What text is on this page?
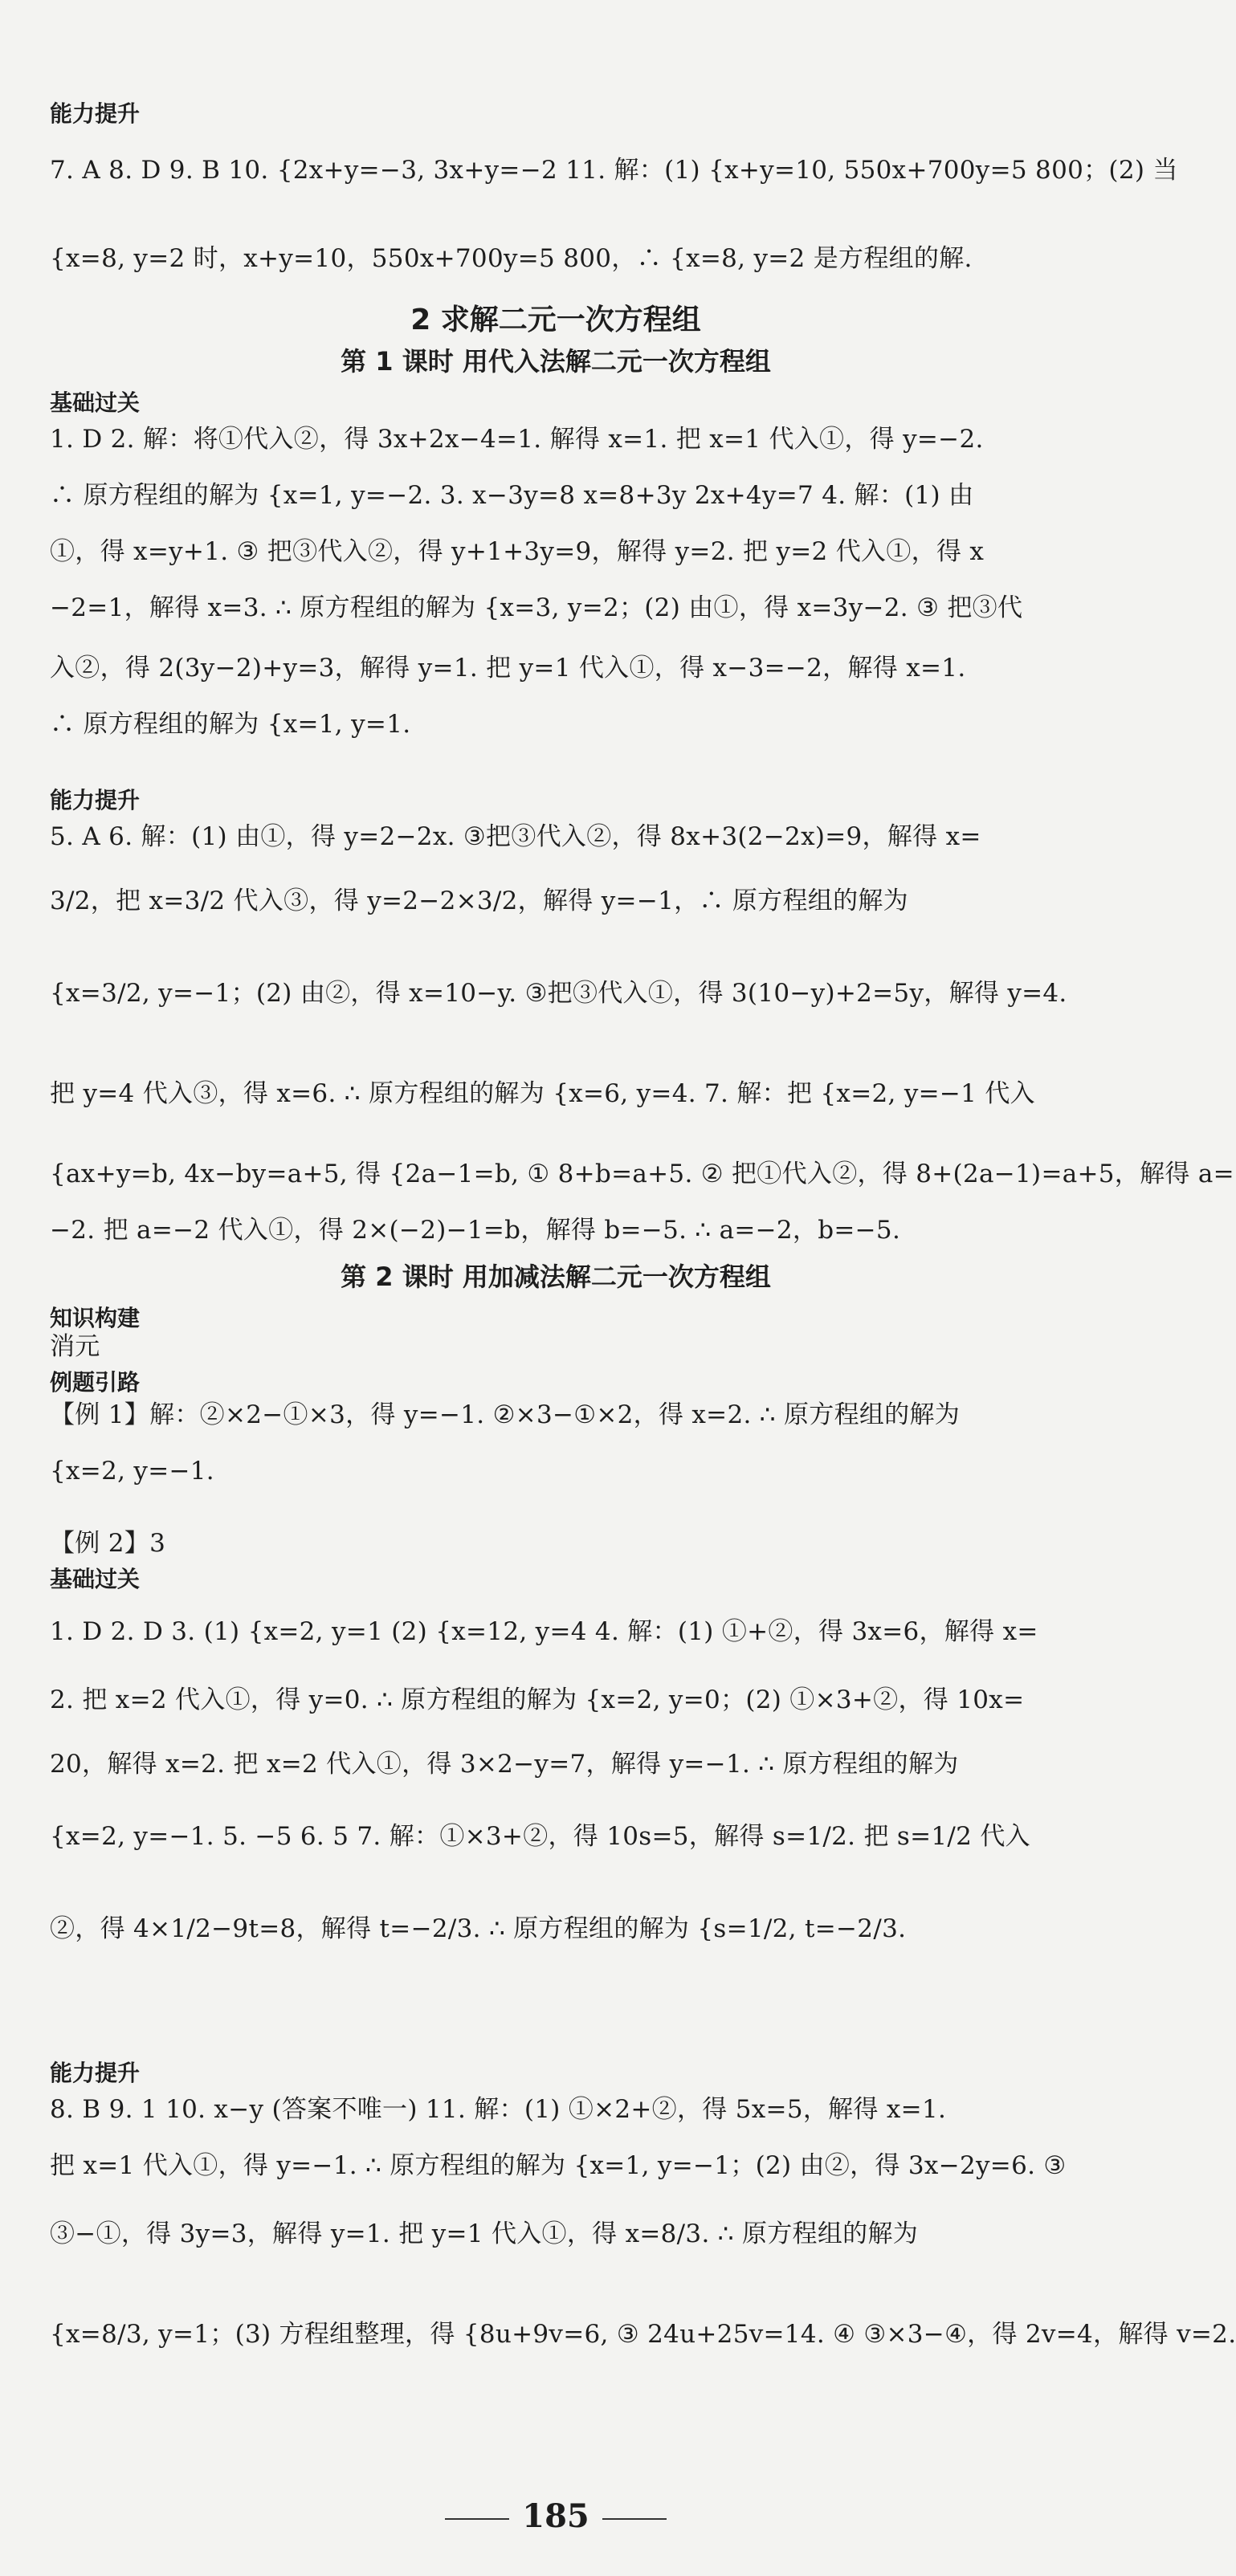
185
能力提升
7. A 8. D 9. B 10. {2x+y=−3, 3x+y=−2 11. 解：(1) {x+y=10, 550x+700y=5 800；(2) 当
{x=8, y=2 时，x+y=10，550x+700y=5 800，∴ {x=8, y=2 是方程组的解.
2 求解二元一次方程组
第 1 课时 用代入法解二元一次方程组
基础过关
1. D 2. 解：将①代入②，得 3x+2x−4=1. 解得 x=1. 把 x=1 代入①，得 y=−2.
∴ 原方程组的解为 {x=1, y=−2. 3. x−3y=8 x=8+3y 2x+4y=7 4. 解：(1) 由
①，得 x=y+1. ③ 把③代入②，得 y+1+3y=9，解得 y=2. 把 y=2 代入①，得 x
−2=1，解得 x=3. ∴ 原方程组的解为 {x=3, y=2；(2) 由①，得 x=3y−2. ③ 把③代
入②，得 2(3y−2)+y=3，解得 y=1. 把 y=1 代入①，得 x−3=−2，解得 x=1.
∴ 原方程组的解为 {x=1, y=1.
能力提升
5. A 6. 解：(1) 由①，得 y=2−2x. ③把③代入②，得 8x+3(2−2x)=9，解得 x=
3/2，把 x=3/2 代入③，得 y=2−2×3/2，解得 y=−1，∴ 原方程组的解为
{x=3/2, y=−1；(2) 由②，得 x=10−y. ③把③代入①，得 3(10−y)+2=5y，解得 y=4.
把 y=4 代入③，得 x=6. ∴ 原方程组的解为 {x=6, y=4. 7. 解：把 {x=2, y=−1 代入
{ax+y=b, 4x−by=a+5, 得 {2a−1=b, ① 8+b=a+5. ② 把①代入②，得 8+(2a−1)=a+5，解得 a=
−2. 把 a=−2 代入①，得 2×(−2)−1=b，解得 b=−5. ∴ a=−2，b=−5.
第 2 课时 用加减法解二元一次方程组
知识构建
消元
例题引路
【例 1】解：②×2−①×3，得 y=−1. ②×3−①×2，得 x=2. ∴ 原方程组的解为
{x=2, y=−1.
【例 2】3
基础过关
1. D 2. D 3. (1) {x=2, y=1 (2) {x=12, y=4 4. 解：(1) ①+②，得 3x=6，解得 x=
2. 把 x=2 代入①，得 y=0. ∴ 原方程组的解为 {x=2, y=0；(2) ①×3+②，得 10x=
20，解得 x=2. 把 x=2 代入①，得 3×2−y=7，解得 y=−1. ∴ 原方程组的解为
{x=2, y=−1. 5. −5 6. 5 7. 解：①×3+②，得 10s=5，解得 s=1/2. 把 s=1/2 代入
②，得 4×1/2−9t=8，解得 t=−2/3. ∴ 原方程组的解为 {s=1/2, t=−2/3.
能力提升
8. B 9. 1 10. x−y (答案不唯一) 11. 解：(1) ①×2+②，得 5x=5，解得 x=1.
把 x=1 代入①，得 y=−1. ∴ 原方程组的解为 {x=1, y=−1；(2) 由②，得 3x−2y=6. ③
③−①，得 3y=3，解得 y=1. 把 y=1 代入①，得 x=8/3. ∴ 原方程组的解为
{x=8/3, y=1；(3) 方程组整理，得 {8u+9v=6, ③ 24u+25v=14. ④ ③×3−④，得 2v=4，解得 v=2.
